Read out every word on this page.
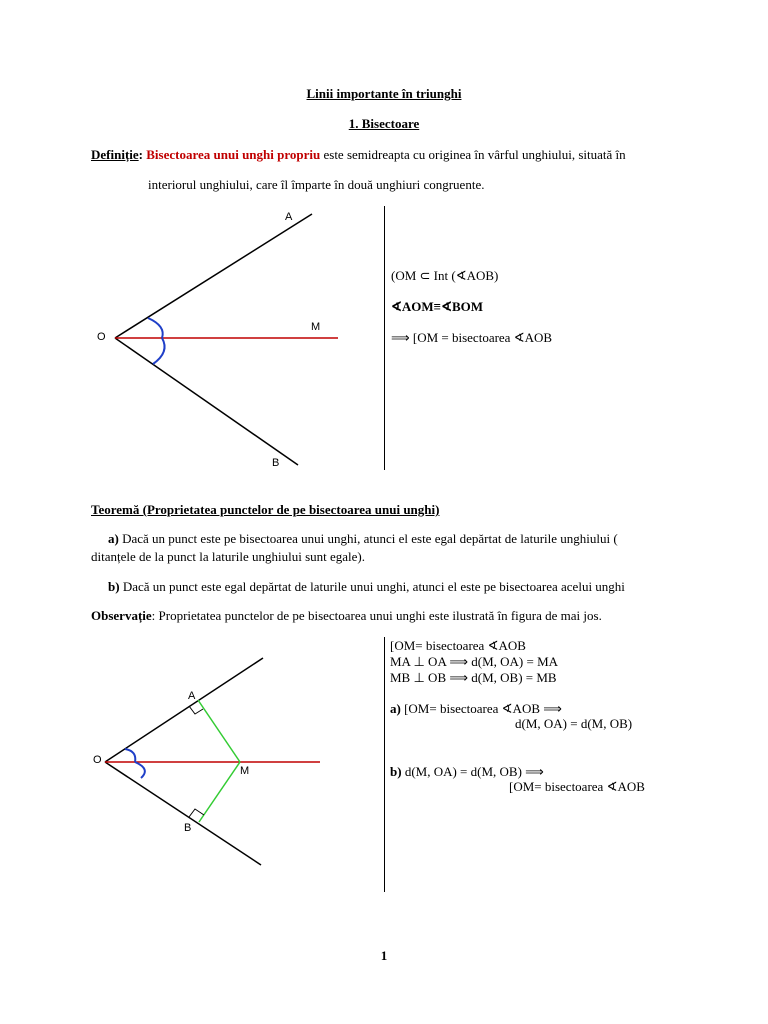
Linii importante în triunghi
1. Bisectoare
Definiție: Bisectoarea unui unghi propriu este semidreapta cu originea în vârful unghiului, situată în
interiorul unghiului, care îl împarte în două unghiuri congruente.
A
O
M
B
(OM ⊂ Int (∢AOB)
∢AOM≡∢BOM
⟹ [OM = bisectoarea ∢AOB
Teoremă (Proprietatea punctelor de pe bisectoarea unui unghi)
a) Dacă un punct este pe bisectoarea unui unghi, atunci el este egal depărtat de laturile unghiului (
ditanțele de la punct la laturile unghiului sunt egale).
b) Dacă un punct este egal depărtat de laturile unui unghi, atunci el este pe bisectoarea acelui unghi
Observație: Proprietatea punctelor de pe bisectoarea unui unghi este ilustrată în figura de mai jos.
A
O
M
B
[OM= bisectoarea ∢AOB
MA ⊥ OA ⟹ d(M, OA) = MA
MB ⊥ OB ⟹ d(M, OB) = MB
a) [OM= bisectoarea ∢AOB ⟹
d(M, OA) = d(M, OB)
b) d(M, OA) = d(M, OB) ⟹
[OM= bisectoarea ∢AOB
1
